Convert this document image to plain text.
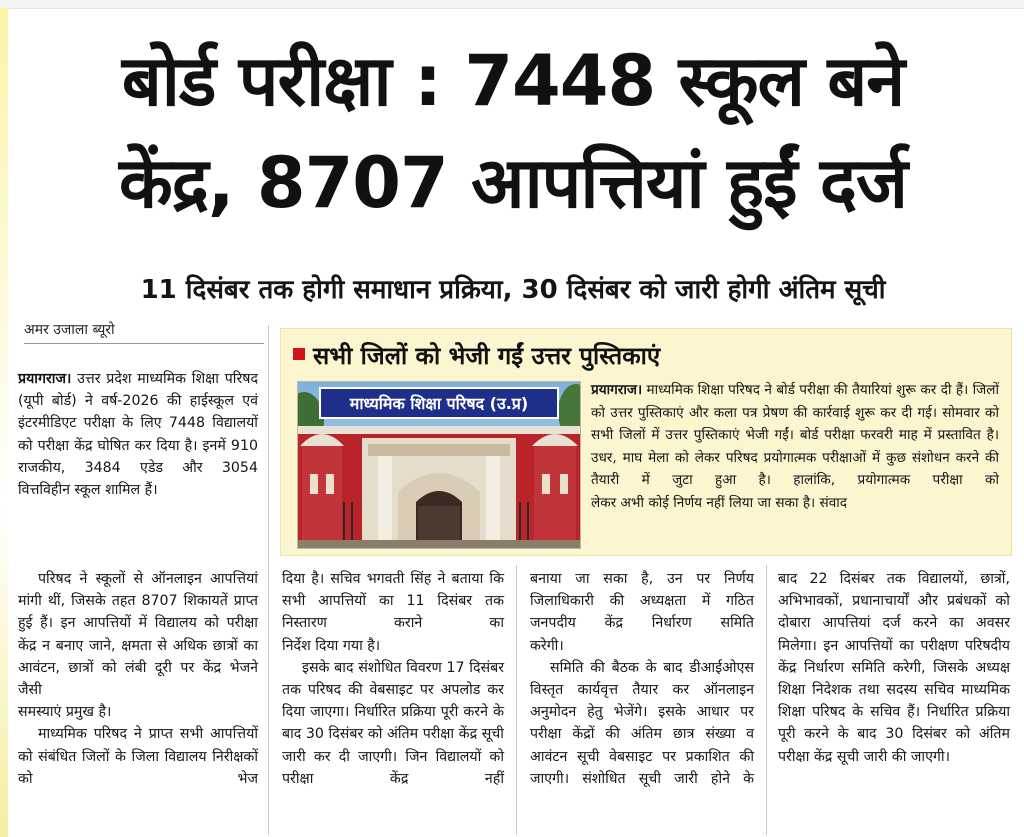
बोर्ड परीक्षा : 7448 स्कूल बने
केंद्र, 8707 आपत्तियां हुईं दर्ज
11 दिसंबर तक होगी समाधान प्रक्रिया, 30 दिसंबर को जारी होगी अंतिम सूची
अमर उजाला ब्यूरो

प्रयागराज। उत्तर प्रदेश माध्यमिक शिक्षा परिषद (यूपी बोर्ड) ने वर्ष-2026 की हाईस्कूल एवं इंटरमीडिएट परीक्षा के लिए 7448 विद्यालयों को परीक्षा केंद्र घोषित कर दिया है। इनमें 910 राजकीय, 3484 एडेड और 3054

वित्तविहीन स्कूल शामिल हैं।

परिषद ने स्कूलों से ऑनलाइन आपत्तियां मांगी थीं, जिसके तहत 8707 शिकायतें प्राप्त हुई हैं। इन आपत्तियों में विद्यालय को परीक्षा केंद्र न बनाए जाने, क्षमता से अधिक छात्रों का आवंटन, छात्रों को लंबी दूरी पर केंद्र भेजने जैसी

समस्याएं प्रमुख है।

माध्यमिक परिषद ने प्राप्त सभी आपत्तियों को संबंधित जिलों के जिला विद्यालय निरीक्षकों को भेज

दिया है। सचिव भगवती सिंह ने बताया कि सभी आपत्तियों का 11 दिसंबर तक निस्तारण कराने का

निर्देश दिया गया है।

इसके बाद संशोधित विवरण 17 दिसंबर तक परिषद की वेबसाइट पर अपलोड कर दिया जाएगा। निर्धारित प्रक्रिया पूरी करने के बाद 30 दिसंबर को अंतिम परीक्षा केंद्र सूची जारी कर दी जाएगी। जिन विद्यालयों को परीक्षा केंद्र नहीं

बनाया जा सका है, उन पर निर्णय जिलाधिकारी की अध्यक्षता में गठित जनपदीय केंद्र निर्धारण समिति

करेगी।

समिति की बैठक के बाद डीआईओएस विस्तृत कार्यवृत्त तैयार कर ऑनलाइन अनुमोदन हेतु भेजेंगे। इसके आधार पर परीक्षा केंद्रों की अंतिम छात्र संख्या व आवंटन सूची वेबसाइट पर प्रकाशित की जाएगी। संशोधित सूची जारी होने के

बाद 22 दिसंबर तक विद्यालयों, छात्रों, अभिभावकों, प्रधानाचार्यों और प्रबंधकों को दोबारा आपत्तियां दर्ज करने का अवसर मिलेगा। इन आपत्तियों का परीक्षण परिषदीय केंद्र निर्धारण समिति करेगी, जिसके अध्यक्ष शिक्षा निदेशक तथा सदस्य सचिव माध्यमिक शिक्षा परिषद के सचिव हैं। निर्धारित प्रक्रिया पूरी करने के बाद 30 दिसंबर को अंतिम

परीक्षा केंद्र सूची जारी की जाएगी।

सभी जिलों को भेजी गईं उत्तर पुस्तिकाएं
माध्यमिक शिक्षा परिषद (उ.प्र)

प्रयागराज। माध्यमिक शिक्षा परिषद ने बोर्ड परीक्षा की तैयारियां शुरू कर दी हैं। जिलों को उत्तर पुस्तिकाएं और कला पत्र प्रेषण की कार्रवाई शुरू कर दी गई। सोमवार को सभी जिलों में उत्तर पुस्तिकाएं भेजी गईं। बोर्ड परीक्षा फरवरी माह में प्रस्तावित है। उधर, माघ मेला को लेकर परिषद प्रयोगात्मक परीक्षाओं में कुछ संशोधन करने की तैयारी में जुटा हुआ है। हालांकि, प्रयोगात्मक परीक्षा को

लेकर अभी कोई निर्णय नहीं लिया जा सका है। संवाद
